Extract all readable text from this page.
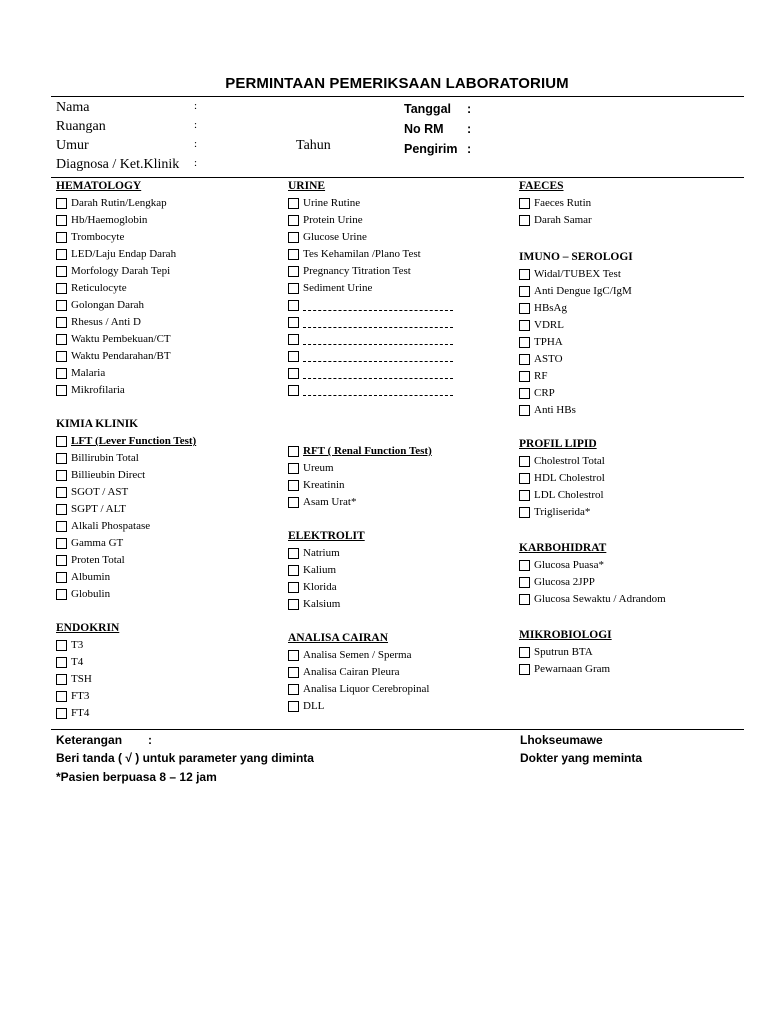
PERMINTAAN PEMERIKSAAN LABORATORIUM
Nama
Ruangan
Umur
Diagnosa / Ket.Klinik
:
:
:
:
Tahun
Tanggal
No RM
Pengirim
:
:
:
HEMATOLOGY
Darah Rutin/Lengkap
Hb/Haemoglobin
Trombocyte
LED/Laju Endap Darah
Morfology Darah Tepi
Reticulocyte
Golongan Darah
Rhesus / Anti D
Waktu Pembekuan/CT
Waktu Pendarahan/BT
Malaria
Mikrofilaria
KIMIA KLINIK
LFT (Lever Function Test)
Billirubin Total
Billieubin Direct
SGOT / AST
SGPT / ALT
Alkali Phospatase
Gamma GT
Proten Total
Albumin
Globulin
ENDOKRIN
T3
T4
TSH
FT3
FT4
URINE
Urine Rutine
Protein Urine
Glucose Urine
Tes Kehamilan /Plano Test
Pregnancy Titration Test
Sediment Urine
RFT ( Renal Function Test)
Ureum
Kreatinin
Asam Urat*
ELEKTROLIT
Natrium
Kalium
Klorida
Kalsium
ANALISA CAIRAN
Analisa Semen / Sperma
Analisa Cairan Pleura
Analisa Liquor Cerebropinal
DLL
FAECES
Faeces Rutin
Darah Samar
IMUNO – SEROLOGI
Widal/TUBEX Test
Anti Dengue IgC/IgM
HBsAg
VDRL
TPHA
ASTO
RF
CRP
Anti HBs
PROFIL LIPID
Cholestrol Total
HDL Cholestrol
LDL Cholestrol
Trigliserida*
KARBOHIDRAT
Glucosa Puasa*
Glucosa 2JPP
Glucosa Sewaktu / Adrandom
MIKROBIOLOGI
Sputrun BTA
Pewarnaan Gram
Keterangan :
Beri tanda ( √ ) untuk parameter yang diminta
*Pasien berpuasa 8 – 12 jam
Lhokseumawe
Dokter yang meminta
